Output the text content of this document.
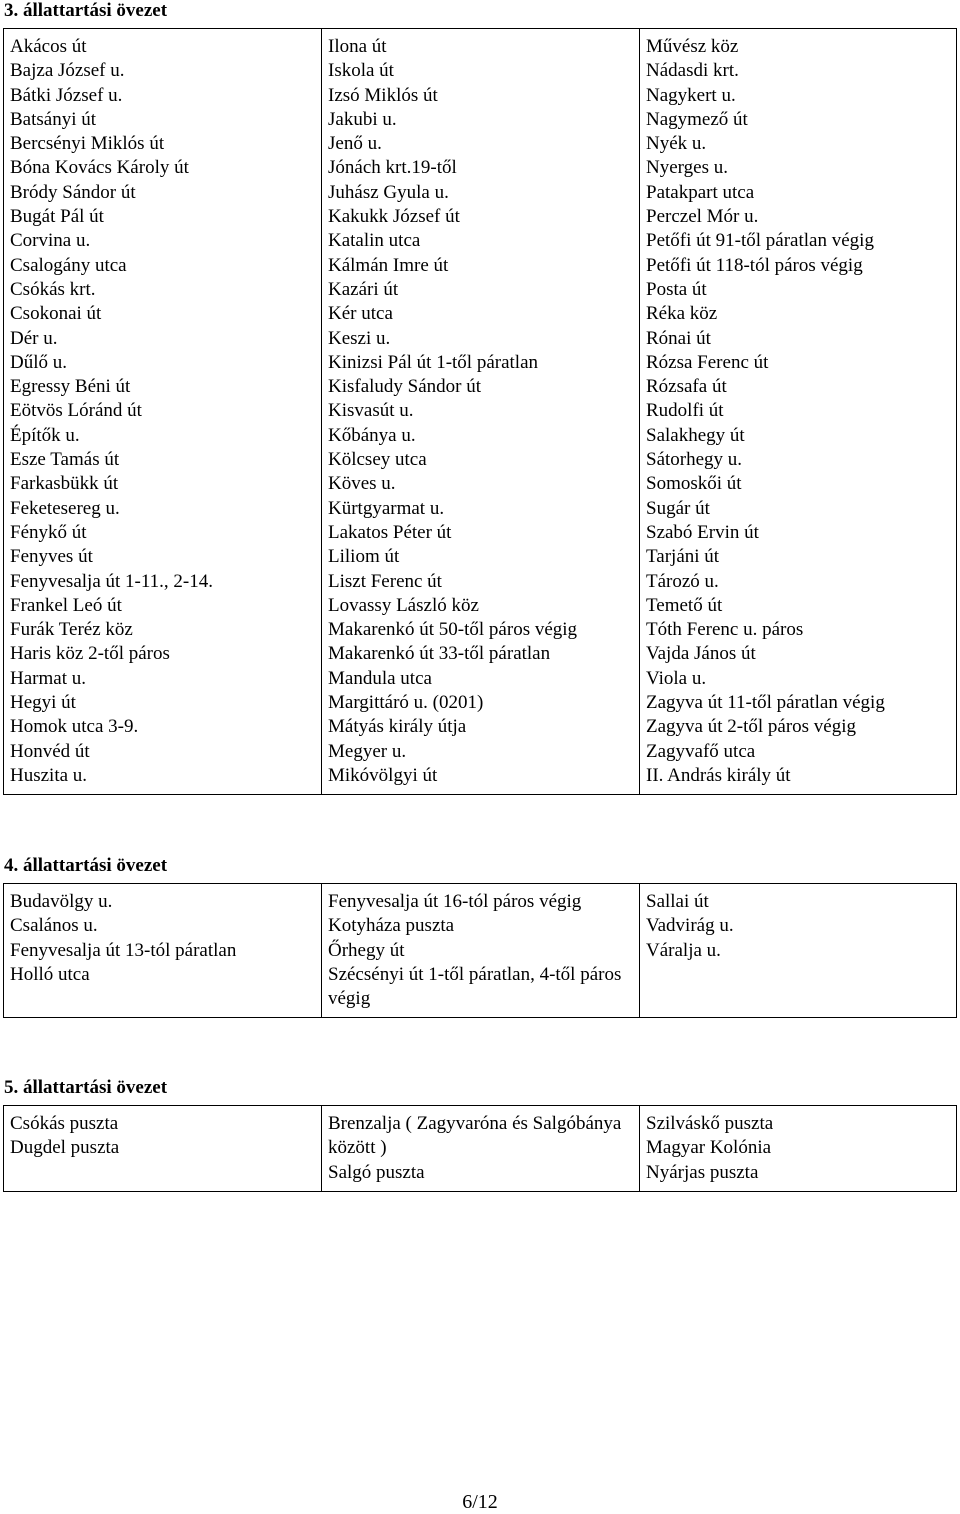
3. állattartási övezet
Akácos út
Bajza József u.
Bátki József u.
Batsányi út
Bercsényi Miklós út
Bóna Kovács Károly út
Bródy Sándor út
Bugát Pál út
Corvina u.
Csalogány utca
Csókás krt.
Csokonai út
Dér u.
Dűlő u.
Egressy Béni út
Eötvös Lóránd út
Építők u.
Esze Tamás út
Farkasbükk út
Feketesereg u.
Fénykő út
Fenyves út
Fenyvesalja út 1-11., 2-14.
Frankel Leó út
Furák Teréz köz
Haris köz 2-től páros
Harmat u.
Hegyi út
Homok utca 3-9.
Honvéd út
Huszita u.

Ilona út
Iskola út
Izsó Miklós út
Jakubi u.
Jenő u.
Jónách krt.19-től
Juhász Gyula u.
Kakukk József út
Katalin utca
Kálmán Imre út
Kazári út
Kér utca
Keszi u.
Kinizsi Pál út 1-től páratlan
Kisfaludy Sándor út
Kisvasút u.
Kőbánya u.
Kölcsey utca
Köves u.
Kürtgyarmat u.
Lakatos Péter út
Liliom út
Liszt Ferenc út
Lovassy László köz
Makarenkó út 50-től páros végig
Makarenkó út 33-től páratlan
Mandula utca
Margittáró u. (0201)
Mátyás király útja
Megyer u.
Mikóvölgyi út

Művész köz
Nádasdi krt.
Nagykert u.
Nagymező út
Nyék u.
Nyerges u.
Patakpart utca
Perczel Mór u.
Petőfi út 91-től páratlan végig
Petőfi út 118-tól páros végig
Posta út
Réka köz
Rónai út
Rózsa Ferenc út
Rózsafa út
Rudolfi út
Salakhegy út
Sátorhegy u.
Somoskői út
Sugár út
Szabó Ervin út
Tarjáni út
Tározó u.
Temető út
Tóth Ferenc u. páros
Vajda János út
Viola u.
Zagyva út 11-től páratlan végig
Zagyva út 2-től páros végig
Zagyvafő utca
II. András király út
4. állattartási övezet
Budavölgy u.
Csalános u.
Fenyvesalja út 13-tól páratlan
Holló utca

Fenyvesalja út 16-tól páros végig
Kotyháza puszta
Őrhegy út
Szécsényi út 1-től páratlan, 4-től páros végig

Sallai út
Vadvirág u.
Váralja u.
5. állattartási övezet
Csókás puszta
Dugdel puszta

Brenzalja ( Zagyvaróna és Salgóbánya között )
Salgó puszta

Szilváskő puszta
Magyar Kolónia
Nyárjas puszta
6/12
